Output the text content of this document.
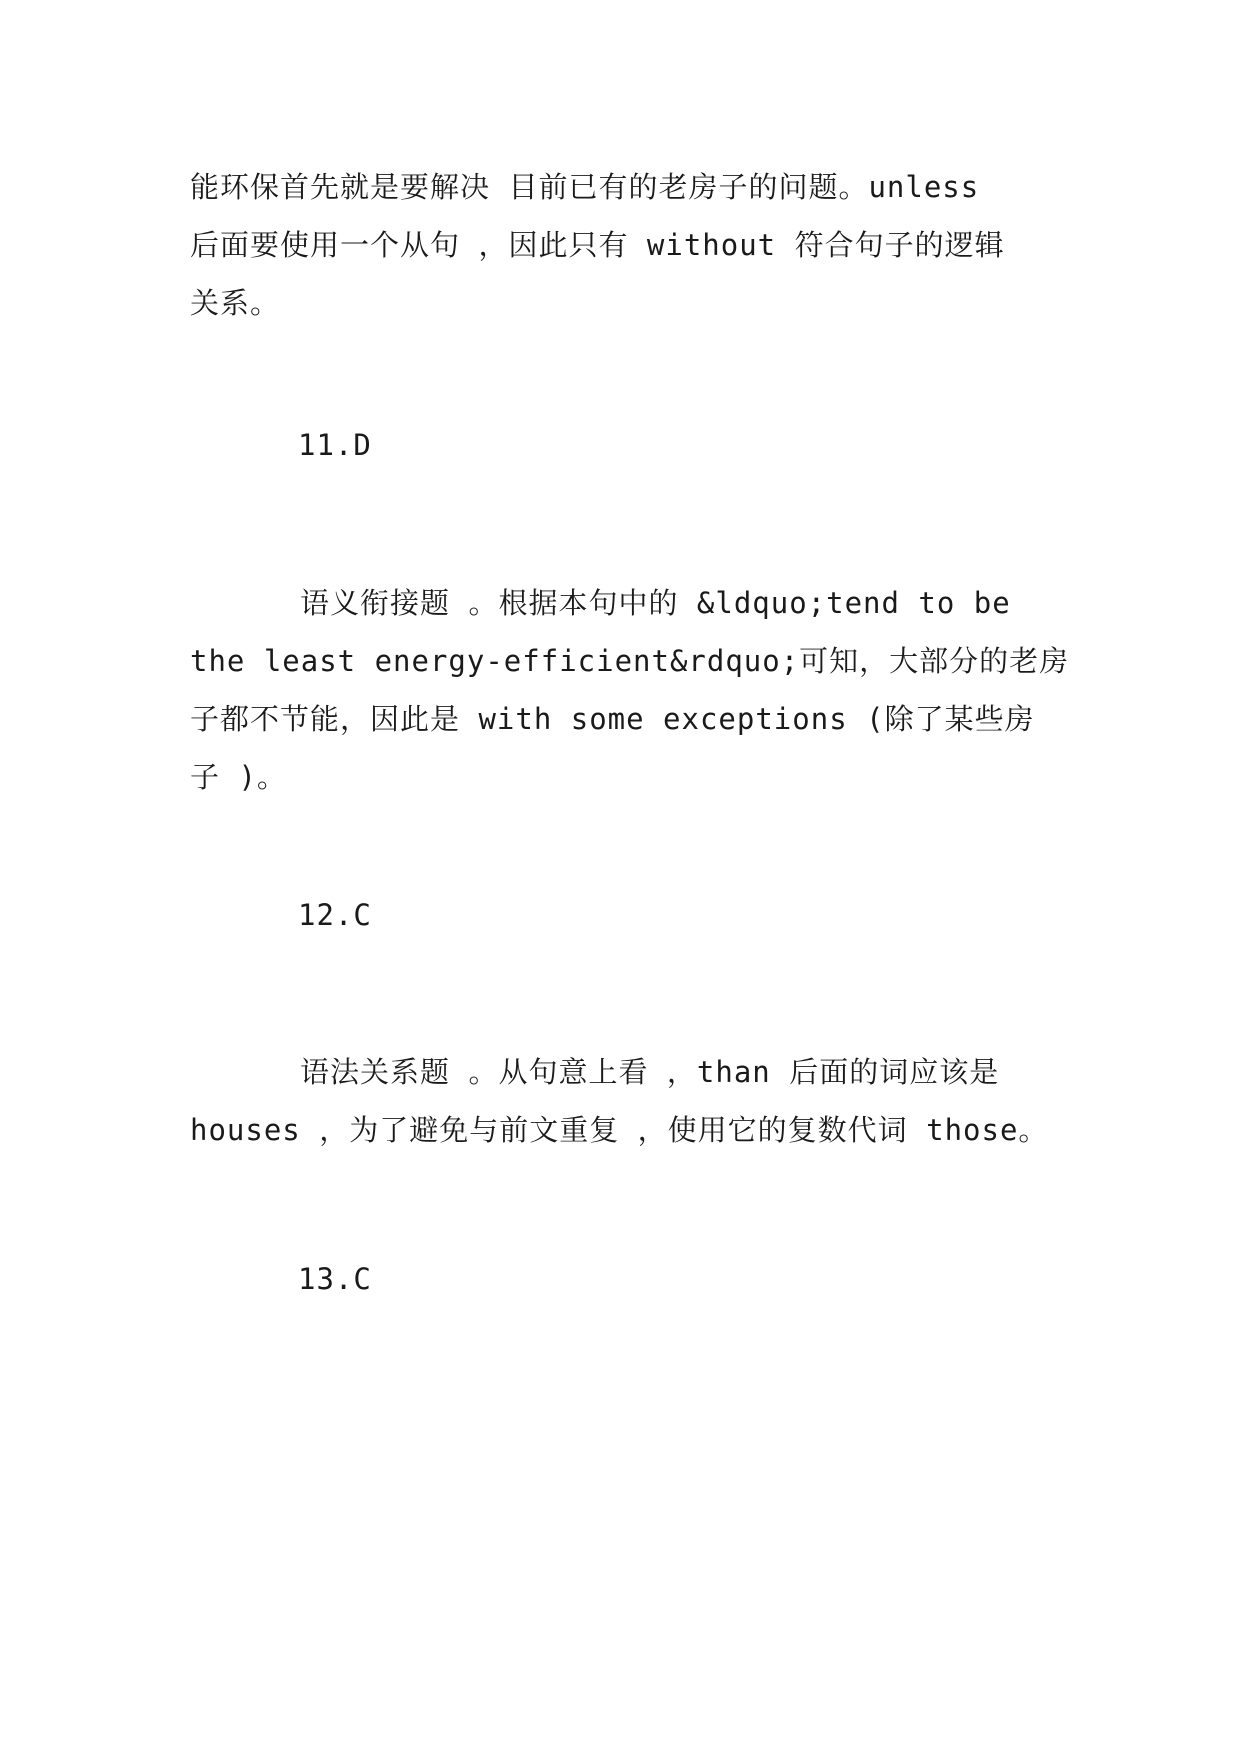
能环保首先就是要解决 目前已有的老房子的问题。unless
后面要使用一个从句 ，因此只有 without 符合句子的逻辑
关系。
11.D
语义衔接题 。根据本句中的 &ldquo;tend to be
the least energy-efficient&rdquo;可知，大部分的老房
子都不节能，因此是 with some exceptions (除了某些房
子 )。
12.C
语法关系题 。从句意上看 ，than 后面的词应该是
houses ，为了避免与前文重复 ，使用它的复数代词 those。
13.C
